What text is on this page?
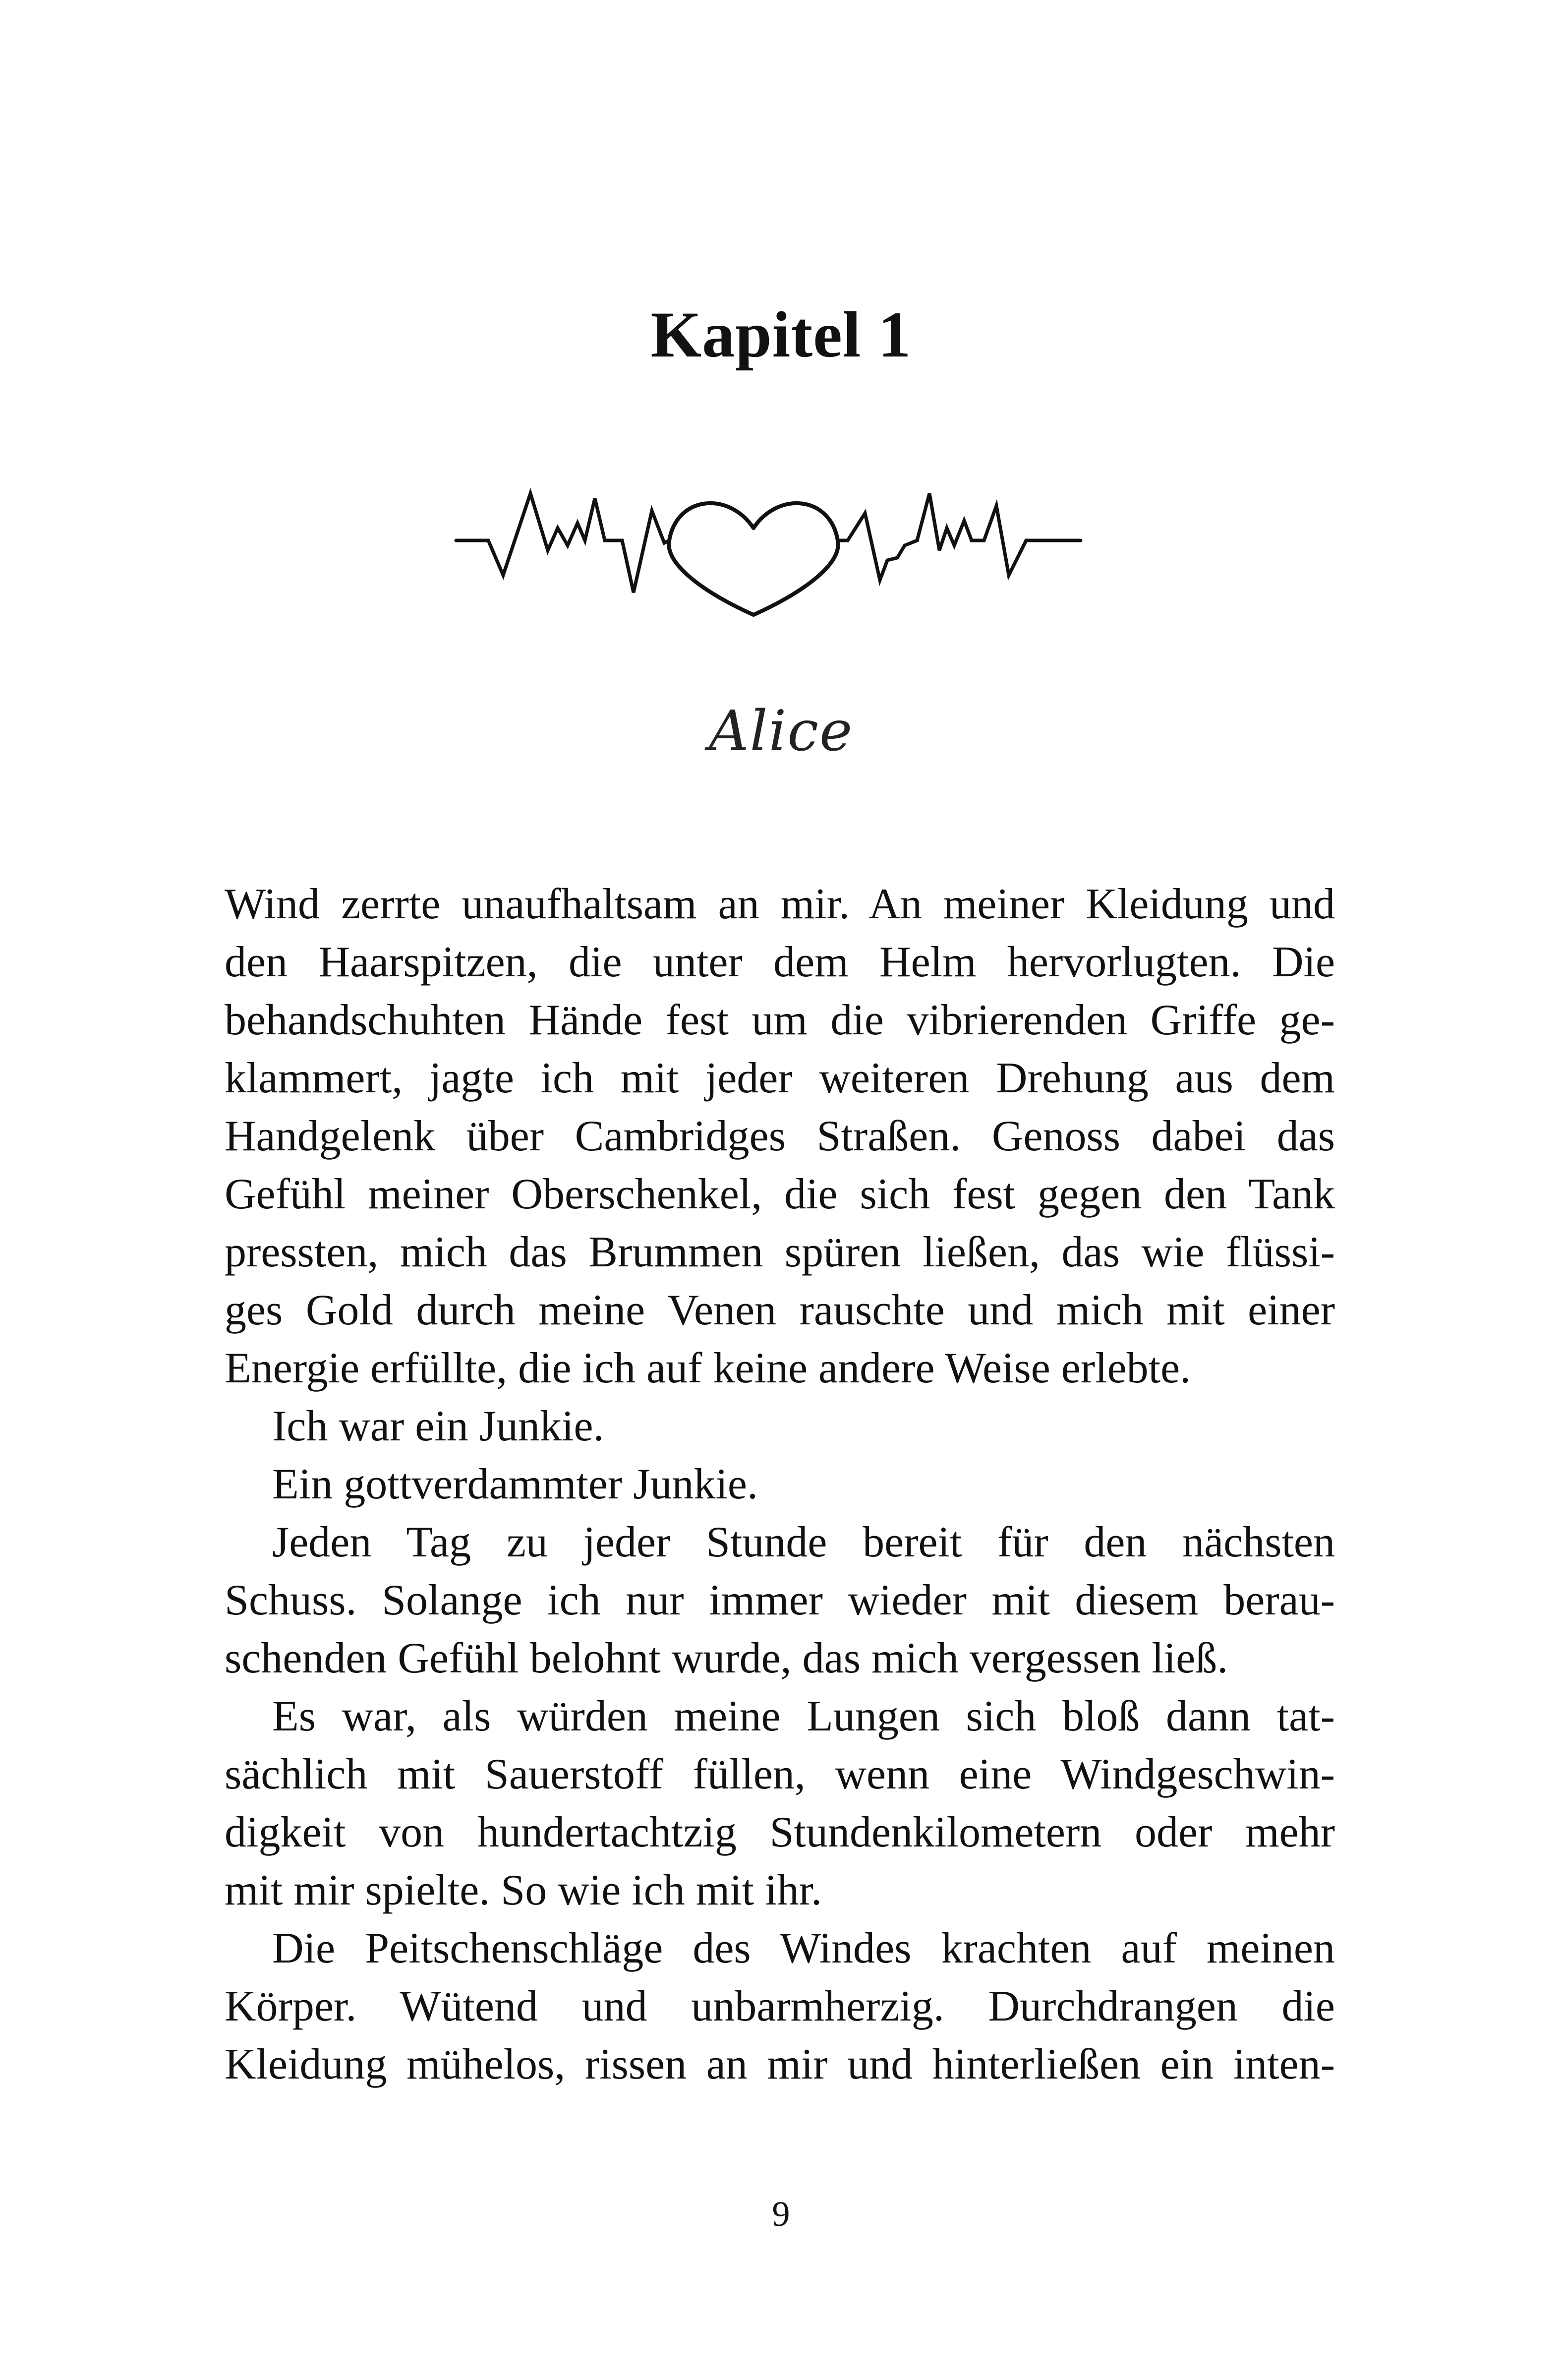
Kapitel 1
Alice
Wind zerrte unaufhaltsam an mir. An meiner Kleidung und
den Haarspitzen, die unter dem Helm hervorlugten. Die
behandschuhten Hände fest um die vibrierenden Griffe ge-
klammert, jagte ich mit jeder weiteren Drehung aus dem
Handgelenk über Cambridges Straßen. Genoss dabei das
Gefühl meiner Oberschenkel, die sich fest gegen den Tank
pressten, mich das Brummen spüren ließen, das wie flüssi-
ges Gold durch meine Venen rauschte und mich mit einer
Energie erfüllte, die ich auf keine andere Weise erlebte.
Ich war ein Junkie.
Ein gottverdammter Junkie.
Jeden Tag zu jeder Stunde bereit für den nächsten
Schuss. Solange ich nur immer wieder mit diesem berau-
schenden Gefühl belohnt wurde, das mich vergessen ließ.
Es war, als würden meine Lungen sich bloß dann tat-
sächlich mit Sauerstoff füllen, wenn eine Windgeschwin-
digkeit von hundertachtzig Stundenkilometern oder mehr
mit mir spielte. So wie ich mit ihr.
Die Peitschenschläge des Windes krachten auf meinen
Körper. Wütend und unbarmherzig. Durchdrangen die
Kleidung mühelos, rissen an mir und hinterließen ein inten-
9
